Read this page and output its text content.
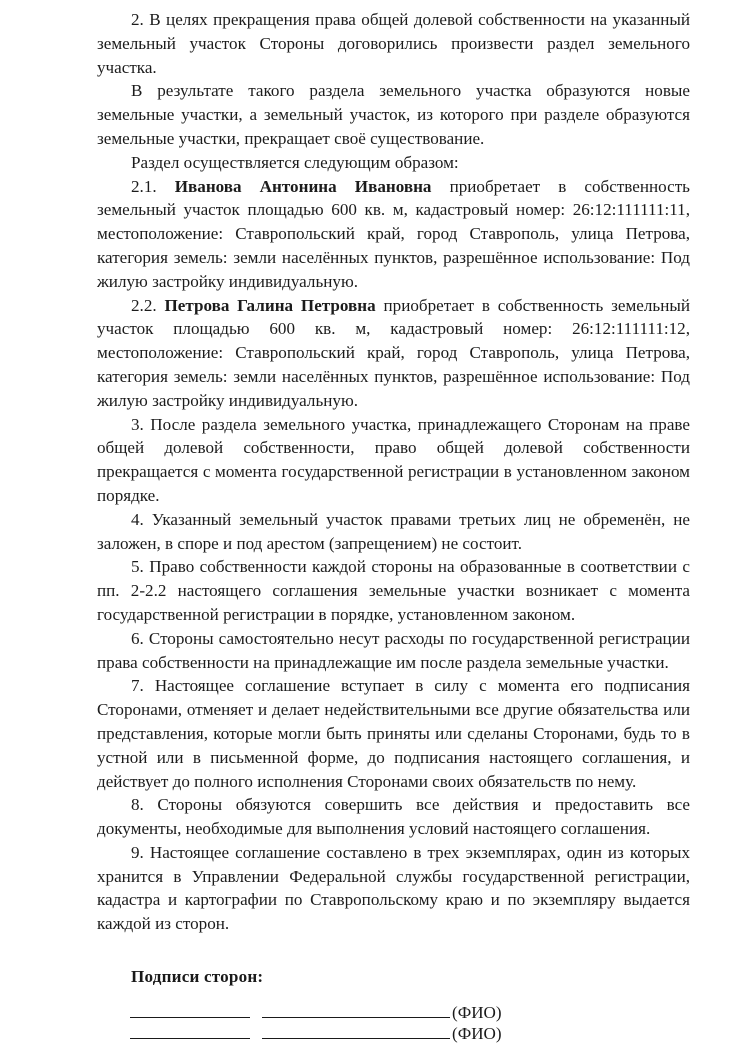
2. В целях прекращения права общей долевой собственности на указанный земельный участок Стороны договорились произвести раздел земельного участка.

В результате такого раздела земельного участка образуются новые земельные участки, а земельный участок, из которого при разделе образуются земельные участки, прекращает своё существование.

Раздел осуществляется следующим образом:

2.1. Иванова Антонина Ивановна приобретает в собственность земельный участок площадью 600 кв. м, кадастровый номер: 26:12:111111:11, местоположение: Ставропольский край, город Ставрополь, улица Петрова, категория земель: земли населённых пунктов, разрешённое использование: Под жилую застройку индивидуальную.

2.2. Петрова Галина Петровна приобретает в собственность земельный участок площадью 600 кв. м, кадастровый номер: 26:12:111111:12, местоположение: Ставропольский край, город Ставрополь, улица Петрова, категория земель: земли населённых пунктов, разрешённое использование: Под жилую застройку индивидуальную.

3. После раздела земельного участка, принадлежащего Сторонам на праве общей долевой собственности, право общей долевой собственности прекращается с момента государственной регистрации в установленном законом порядке.

4. Указанный земельный участок правами третьих лиц не обременён, не заложен, в споре и под арестом (запрещением) не состоит.

5. Право собственности каждой стороны на образованные в соответствии с пп. 2-2.2 настоящего соглашения земельные участки возникает с момента государственной регистрации в порядке, установленном законом.

6. Стороны самостоятельно несут расходы по государственной регистрации права собственности на принадлежащие им после раздела земельные участки.

7. Настоящее соглашение вступает в силу с момента его подписания Сторонами, отменяет и делает недействительными все другие обязательства или представления, которые могли быть приняты или сделаны Сторонами, будь то в устной или в письменной форме, до подписания настоящего соглашения, и действует до полного исполнения Сторонами своих обязательств по нему.

8. Стороны обязуются совершить все действия и предоставить все документы, необходимые для выполнения условий настоящего соглашения.

9. Настоящее соглашение составлено в трех экземплярах, один из которых хранится в Управлении Федеральной службы государственной регистрации, кадастра и картографии по Ставропольскому краю и по экземпляру выдается каждой из сторон.

Подписи сторон:
(ФИО)
(ФИО)
